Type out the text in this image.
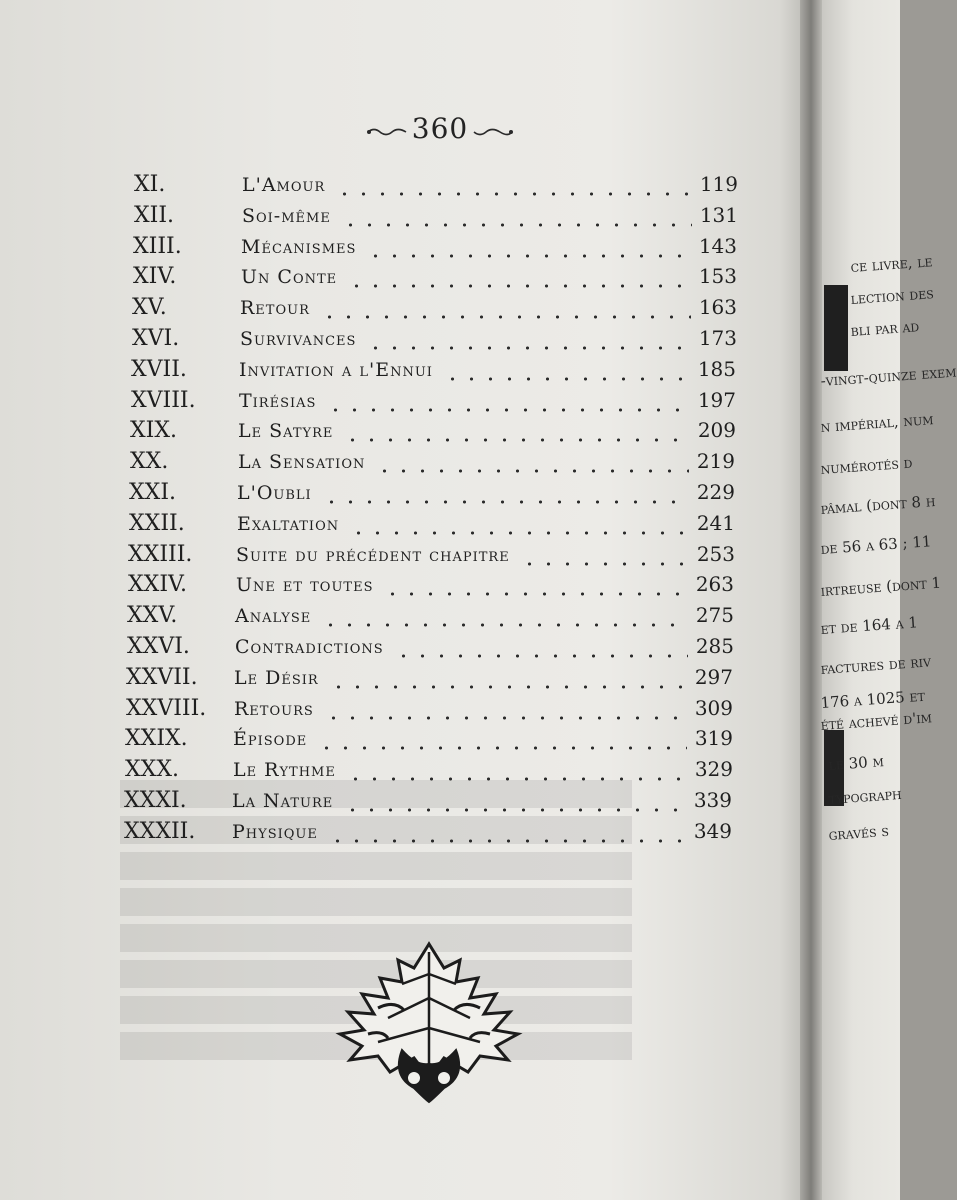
360
XI.	L'Amour	119
XII.	Soi-même	131
XIII.	Mécanismes	143
XIV.	Un Conte	153
XV.	Retour	163
XVI.	Survivances	173
XVII.	Invitation a l'Ennui	185
XVIII. Tirésias	197
XIX.	Le Satyre	209
XX.	La Sensation	219
XXI.	L'Oubli	229
XXII.	Exaltation	241
XXIII. Suite du précédent chapitre	253
XXIV.	Une et toutes	263
XXV.	Analyse	275
XXVI. Contradictions	285
XXVII. Le Désir	297
XXVIII. Retours	309
XXIX. Épisode	319
XXX.	Le Rythme	329
XXXI. La Nature	339
XXXII. Physique	349
ce livre, le
lection des
bli par ad
-vingt-quinze exem
n impérial, num
numérotés d
pâmal (dont 8 h
de 56 a 63 ; 11
irtreuse (dont 1
et de 164 a 1
factures de riv
176 a 1025 et
été achevé d'im
le 30 m
typograph
gravés s
